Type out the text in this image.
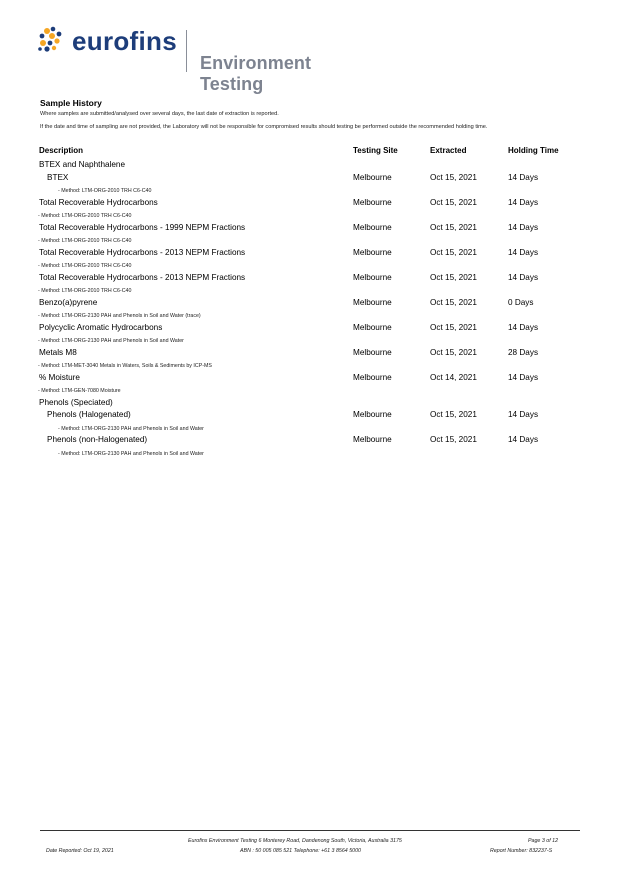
eurofins
Environment Testing
Sample History
Where samples are submitted/analysed over several days, the last date of extraction is reported.
If the date and time of sampling are not provided, the Laboratory will not be responsible for compromised results should testing be performed outside the recommended holding time.
Description	Testing Site	Extracted	Holding Time
BTEX and Naphthalene
BTEX	Melbourne	Oct 15, 2021	14 Days
- Method: LTM-ORG-2010 TRH C6-C40
Total Recoverable Hydrocarbons	Melbourne	Oct 15, 2021	14 Days
- Method: LTM-ORG-2010 TRH C6-C40
Total Recoverable Hydrocarbons - 1999 NEPM Fractions	Melbourne	Oct 15, 2021	14 Days
- Method: LTM-ORG-2010 TRH C6-C40
Total Recoverable Hydrocarbons - 2013 NEPM Fractions	Melbourne	Oct 15, 2021	14 Days
- Method: LTM-ORG-2010 TRH C6-C40
Total Recoverable Hydrocarbons - 2013 NEPM Fractions	Melbourne	Oct 15, 2021	14 Days
- Method: LTM-ORG-2010 TRH C6-C40
Benzo(a)pyrene	Melbourne	Oct 15, 2021	0 Days
- Method: LTM-ORG-2130 PAH and Phenols in Soil and Water (trace)
Polycyclic Aromatic Hydrocarbons	Melbourne	Oct 15, 2021	14 Days
- Method: LTM-ORG-2130 PAH and Phenols in Soil and Water
Metals M8	Melbourne	Oct 15, 2021	28 Days
- Method: LTM-MET-3040 Metals in Waters, Soils & Sediments by ICP-MS
% Moisture	Melbourne	Oct 14, 2021	14 Days
- Method: LTM-GEN-7080 Moisture
Phenols (Speciated)
Phenols (Halogenated)	Melbourne	Oct 15, 2021	14 Days
- Method: LTM-ORG-2130 PAH and Phenols in Soil and Water
Phenols (non-Halogenated)	Melbourne	Oct 15, 2021	14 Days
- Method: LTM-ORG-2130 PAH and Phenols in Soil and Water
Eurofins Environment Testing 6 Monterey Road, Dandenong South, Victoria, Australia 3175	Page 3 of 12
Date Reported: Oct 19, 2021	ABN : 50 005 085 521 Telephone: +61 3 8564 5000	Report Number: 832237-S
